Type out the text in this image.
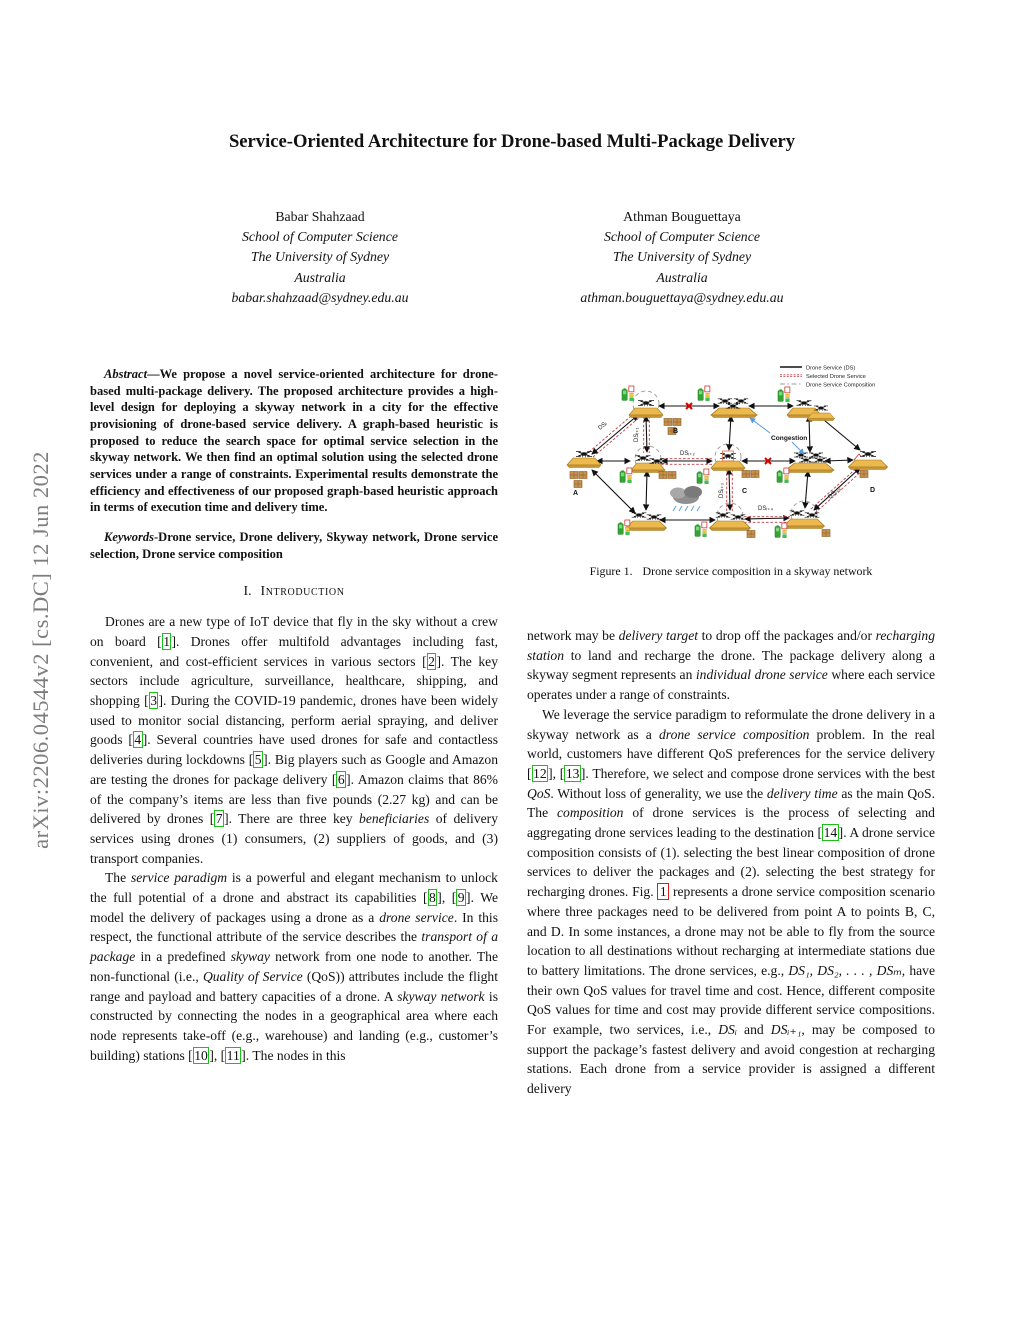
arXiv:2206.04544v2 [cs.DC] 12 Jun 2022
Service-Oriented Architecture for Drone-based Multi-Package Delivery
Babar Shahzaad
School of Computer Science
The University of Sydney
Australia
babar.shahzaad@sydney.edu.au
Athman Bouguettaya
School of Computer Science
The University of Sydney
Australia
athman.bouguettaya@sydney.edu.au

Abstract—We propose a novel service-oriented architecture for drone-based multi-package delivery. The proposed architecture provides a high-level design for deploying a skyway network in a city for the effective provisioning of drone-based service delivery. A graph-based heuristic is proposed to reduce the search space for optimal service selection in the skyway network. We then find an optimal solution using the selected drone services under a range of constraints. Experimental results demonstrate the efficiency and effectiveness of our proposed graph-based heuristic approach in terms of execution time and delivery time.

Keywords-Drone service, Drone delivery, Skyway network, Drone service selection, Drone service composition

I. Introduction

Drones are a new type of IoT device that fly in the sky without a crew on board [ 1 ]. Drones offer multifold advantages including fast, convenient, and cost-efficient services in various sectors [ 2 ]. The key sectors include agriculture, surveillance, healthcare, shipping, and shopping [ 3 ]. During the COVID-19 pandemic, drones have been widely used to monitor social distancing, perform aerial spraying, and deliver goods [ 4 ]. Several countries have used drones for safe and contactless deliveries during lockdowns [ 5 ]. Big players such as Google and Amazon are testing the drones for package delivery [ 6 ]. Amazon claims that 86% of the company’s items are less than five pounds (2.27 kg) and can be delivered by drones [ 7 ]. There are three key beneficiaries of delivery services using drones (1) consumers, (2) suppliers of goods, and (3) transport companies.

The service paradigm is a powerful and elegant mechanism to unlock the full potential of a drone and abstract its capabilities [ 8 ], [ 9 ]. We model the delivery of packages using a drone as a drone service. In this respect, the functional attribute of the service describes the transport of a package in a predefined skyway network from one node to another. The non-functional (i.e., Quality of Service (QoS)) attributes include the flight range and payload and battery capacities of a drone. A skyway network is constructed by connecting the nodes in a geographical area where each node represents take-off (e.g., warehouse) and landing (e.g., customer’s building) stations [ 10 ], [ 11 ]. The nodes in this

Congestion
DSᵢ
DSᵢ₊₁
DSᵢ₊₂
DSᵢ₊₃
DSᵢ₊₄
DSᵢ₊₅
A
B
C	D
Drone Service (DS)
Selected Drone Service
Drone Service Composition
Figure 1. Drone service composition in a skyway network

network may be delivery target to drop off the packages and/or recharging station to land and recharge the drone. The package delivery along a skyway segment represents an individual drone service where each service operates under a range of constraints.

We leverage the service paradigm to reformulate the drone delivery in a skyway network as a drone service composition problem. In the real world, customers have different QoS preferences for the service delivery [ 12 ], [ 13 ]. Therefore, we select and compose drone services with the best QoS. Without loss of generality, we use the delivery time as the main QoS. The composition of drone services is the process of selecting and aggregating drone services leading to the destination [ 14 ]. A drone service composition consists of (1). selecting the best linear composition of drone services to deliver the packages and (2). selecting the best strategy for recharging drones. Fig. 1 represents a drone service composition scenario where three packages need to be delivered from point A to points B, C, and D. In some instances, a drone may not be able to fly from the source location to all destinations without recharging at intermediate stations due to battery limitations. The drone services, e.g., DS₁, DS₂, . . . , DSₘ, have their own QoS values for travel time and cost. Hence, different composite QoS values for time and cost may provide different service compositions. For example, two services, i.e., DSᵢ and DSᵢ₊₁, may be composed to support the package’s fastest delivery and avoid congestion at recharging stations. Each drone from a service provider is assigned a different delivery
